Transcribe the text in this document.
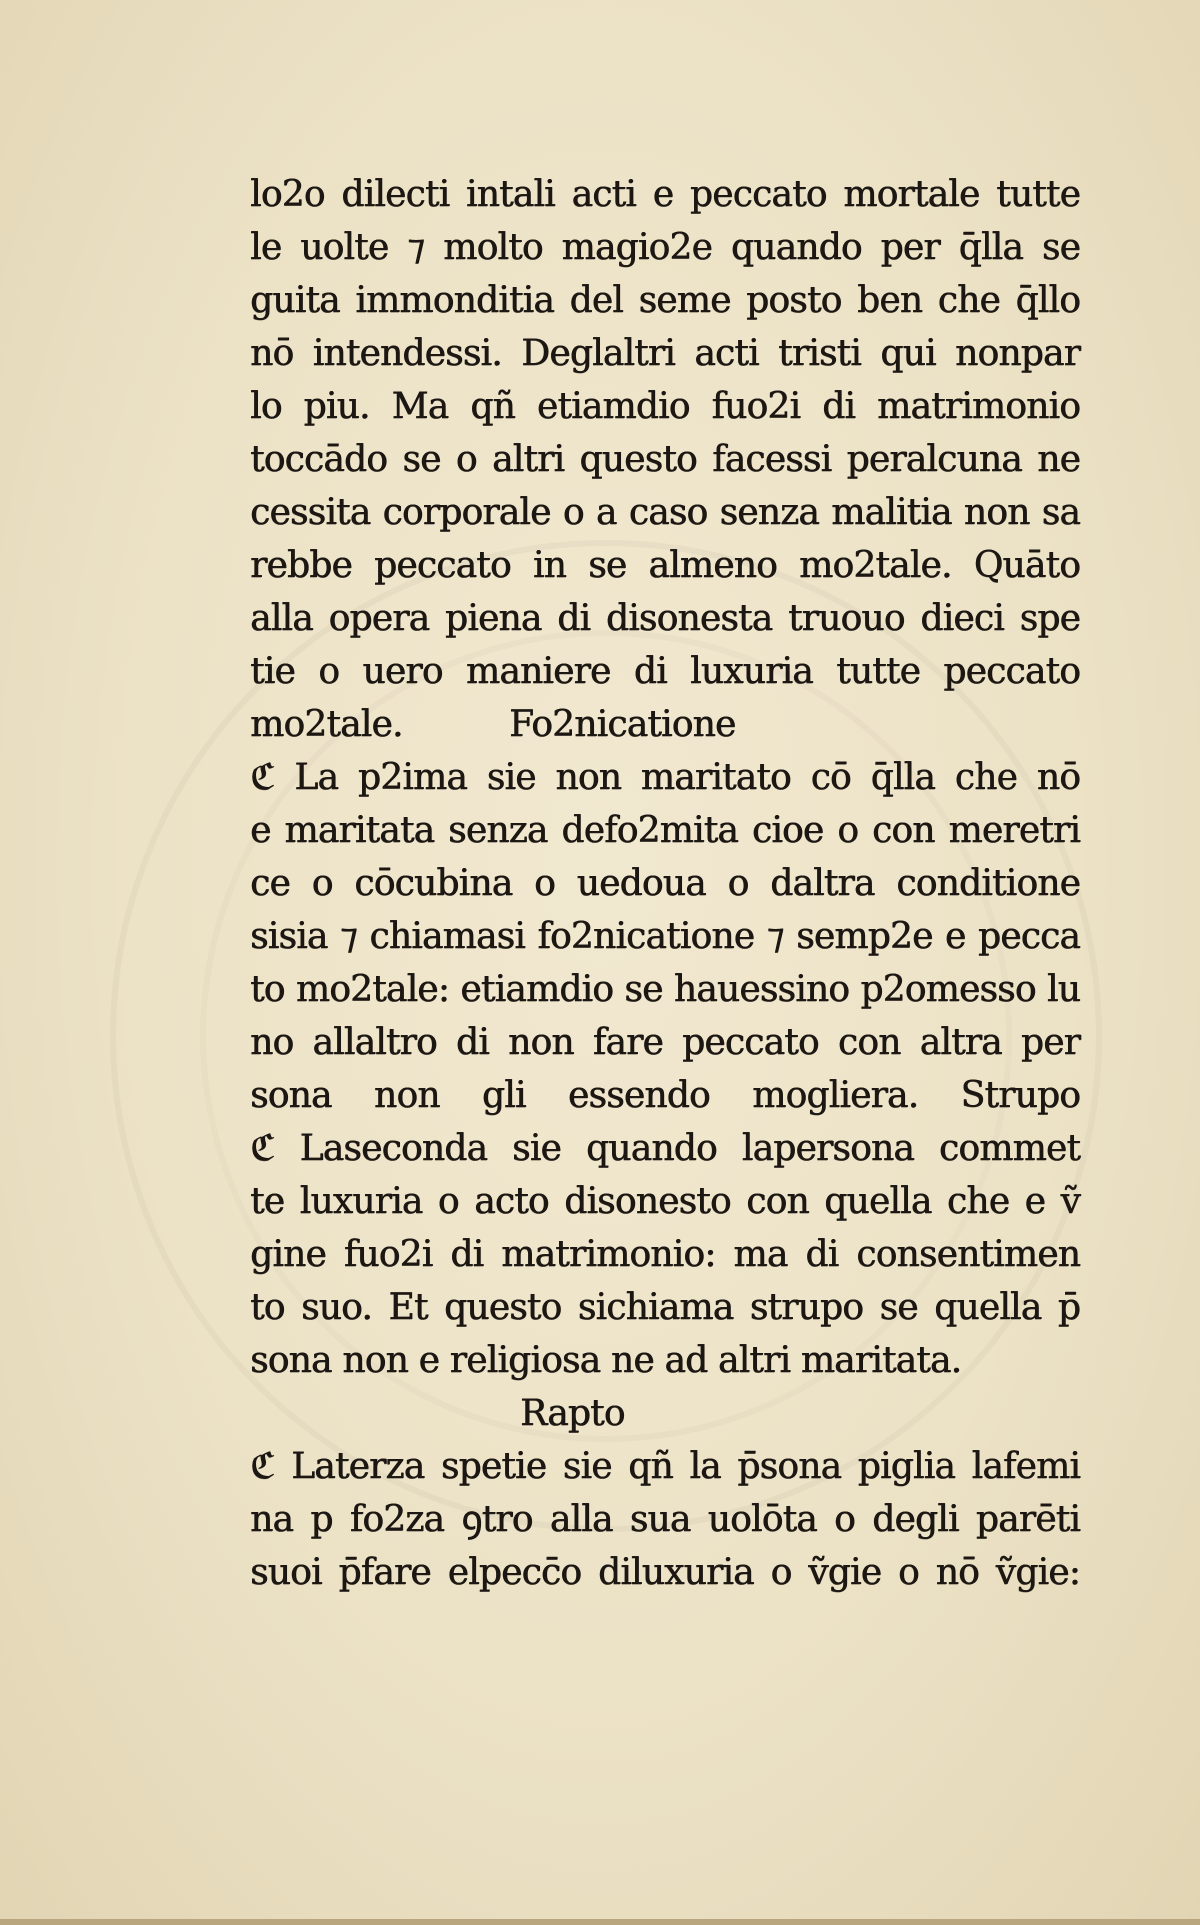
lo2o dilecti intali acti e peccato mortale tutte
le uolte ⁊ molto magio2e quando per q̄lla se
guita immonditia del seme posto ben che q̄llo
nō intendessi. Deglaltri acti tristi qui nonpar
lo piu. Ma qñ etiamdio fuo2i di matrimonio
toccādo se o altri questo facessi peralcuna ne
cessita corporale o a caso senza malitia non sa
rebbe peccato in se almeno mo2tale. Quāto
alla opera piena di disonesta truouo dieci spe
tie o uero maniere di luxuria tutte peccato
mo2tale.          Fo2nicatione
ℭ La p2ima sie non maritato cō q̄lla che nō
e maritata senza defo2mita cioe o con meretri
ce o cōcubina o uedoua o daltra conditione
sisia ⁊ chiamasi fo2nicatione ⁊ semp2e e pecca
to mo2tale: etiamdio se hauessino p2omesso lu
no allaltro di non fare peccato con altra per
sona non gli essendo mogliera. Strupo
ℭ Laseconda sie quando lapersona commet
te luxuria o acto disonesto con quella che e ṽ
gine fuo2i di matrimonio: ma di consentimen
to suo. Et questo sichiama strupo se quella p̄
sona non e religiosa ne ad altri maritata.
Rapto
ℭ Laterza spetie sie qñ la p̄sona piglia lafemi
na p fo2za ꝯtro alla sua uolōta o degli parēti
suoi p̄fare elpecc̄o diluxuria o ṽgie o nō ṽgie:
